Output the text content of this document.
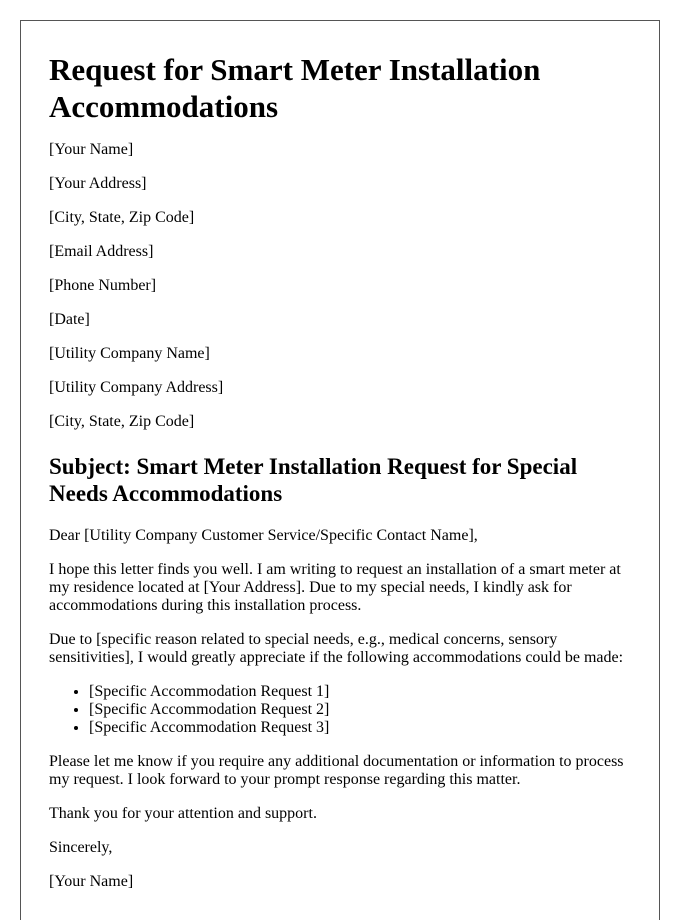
Request for Smart Meter Installation Accommodations
[Your Name]
[Your Address]
[City, State, Zip Code]
[Email Address]
[Phone Number]
[Date]
[Utility Company Name]
[Utility Company Address]
[City, State, Zip Code]
Subject: Smart Meter Installation Request for Special Needs Accommodations

Dear [Utility Company Customer Service/Specific Contact Name],

I hope this letter finds you well. I am writing to request an installation of a smart meter at my residence located at [Your Address]. Due to my special needs, I kindly ask for accommodations during this installation process.

Due to [specific reason related to special needs, e.g., medical concerns, sensory sensitivities], I would greatly appreciate if the following accommodations could be made:

• [Specific Accommodation Request 1]
• [Specific Accommodation Request 2]
• [Specific Accommodation Request 3]

Please let me know if you require any additional documentation or information to process my request. I look forward to your prompt response regarding this matter.

Thank you for your attention and support.

Sincerely,

[Your Name]
